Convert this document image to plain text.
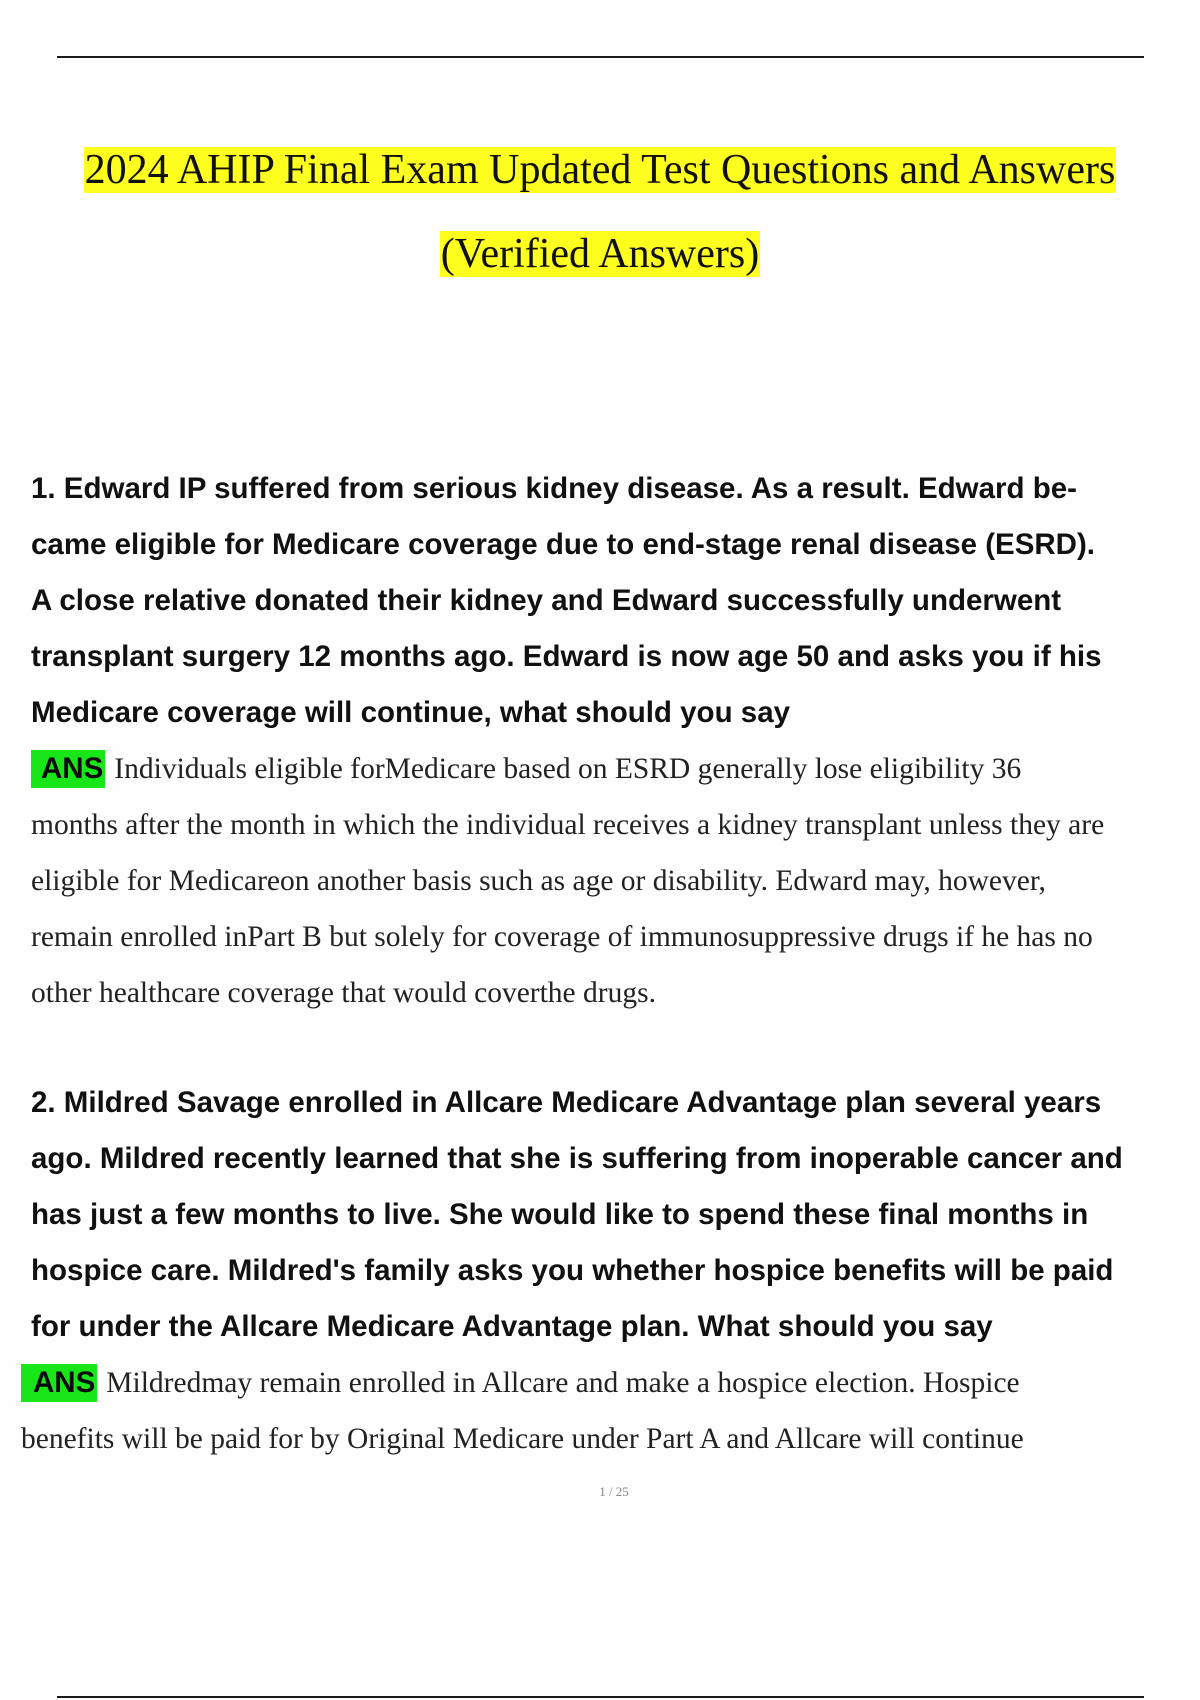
2024 AHIP Final Exam Updated Test Questions and Answers
(Verified Answers)
1. Edward IP suffered from serious kidney disease. As a result. Edward be-
came eligible for Medicare coverage due to end-stage renal disease (ESRD).
A close relative donated their kidney and Edward successfully underwent
transplant surgery 12 months ago. Edward is now age 50 and asks you if his
Medicare coverage will continue, what should you say
ANS Individuals eligible forMedicare based on ESRD generally lose eligibility 36
months after the month in which the individual receives a kidney transplant unless they are
eligible for Medicareon another basis such as age or disability. Edward may, however,
remain enrolled inPart B but solely for coverage of immunosuppressive drugs if he has no
other healthcare coverage that would coverthe drugs.
2. Mildred Savage enrolled in Allcare Medicare Advantage plan several years
ago. Mildred recently learned that she is suffering from inoperable cancer and
has just a few months to live. She would like to spend these final months in
hospice care. Mildred's family asks you whether hospice benefits will be paid
for under the Allcare Medicare Advantage plan. What should you say
ANS Mildredmay remain enrolled in Allcare and make a hospice election. Hospice
benefits will be paid for by Original Medicare under Part A and Allcare will continue
1 / 25
